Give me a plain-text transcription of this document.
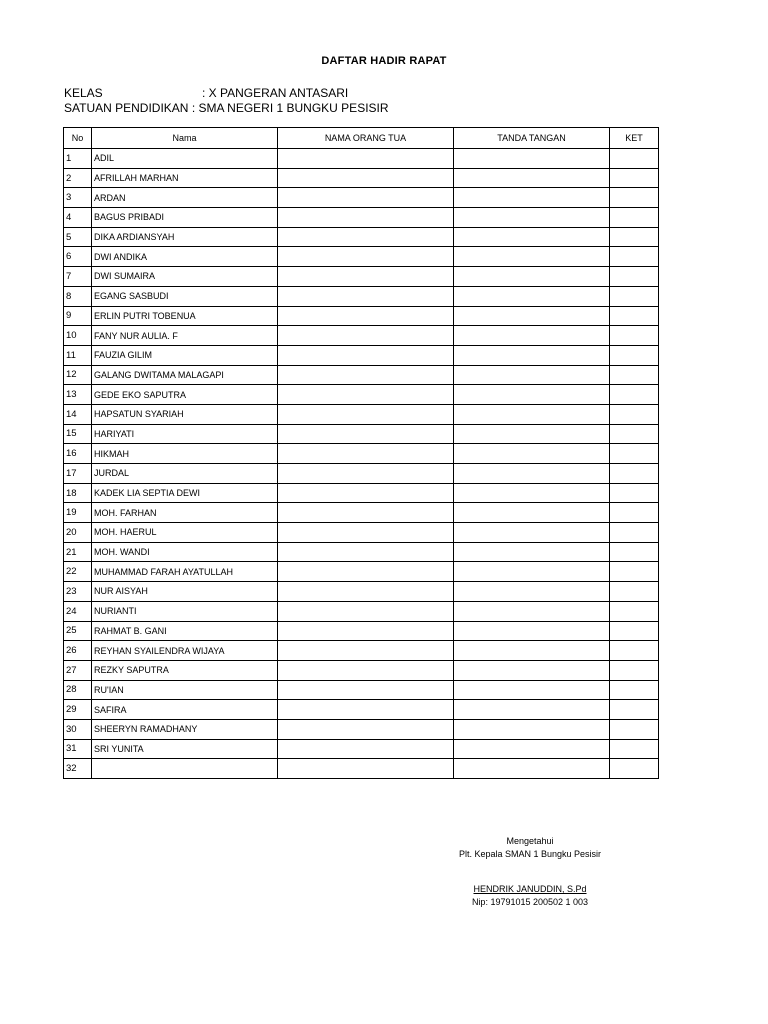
DAFTAR HADIR RAPAT
KELAS	: X PANGERAN ANTASARI
SATUAN PENDIDIKAN : SMA NEGERI 1 BUNGKU PESISIR
No	Nama	NAMA ORANG TUA	TANDA TANGAN	KET
1	ADIL			
2	AFRILLAH MARHAN			
3	ARDAN			
4	BAGUS PRIBADI			
5	DIKA ARDIANSYAH			
6	DWI ANDIKA			
7	DWI SUMAIRA			
8	EGANG SASBUDI			
9	ERLIN PUTRI TOBENUA			
10	FANY NUR AULIA. F			
11	FAUZIA GILIM			
12	GALANG DWITAMA MALAGAPI			
13	GEDE EKO SAPUTRA			
14	HAPSATUN SYARIAH			
15	HARIYATI			
16	HIKMAH			
17	JURDAL			
18	KADEK LIA SEPTIA DEWI			
19	MOH. FARHAN			
20	MOH. HAERUL			
21	MOH. WANDI			
22	MUHAMMAD FARAH AYATULLAH			
23	NUR AISYAH			
24	NURIANTI			
25	RAHMAT B. GANI			
26	REYHAN SYAILENDRA WIJAYA			
27	REZKY SAPUTRA			
28	RU'IAN			
29	SAFIRA			
30	SHEERYN RAMADHANY			
31	SRI YUNITA			
32				
Mengetahui
Plt. Kepala SMAN 1 Bungku Pesisir
HENDRIK JANUDDIN, S.Pd
Nip: 19791015 200502 1 003
